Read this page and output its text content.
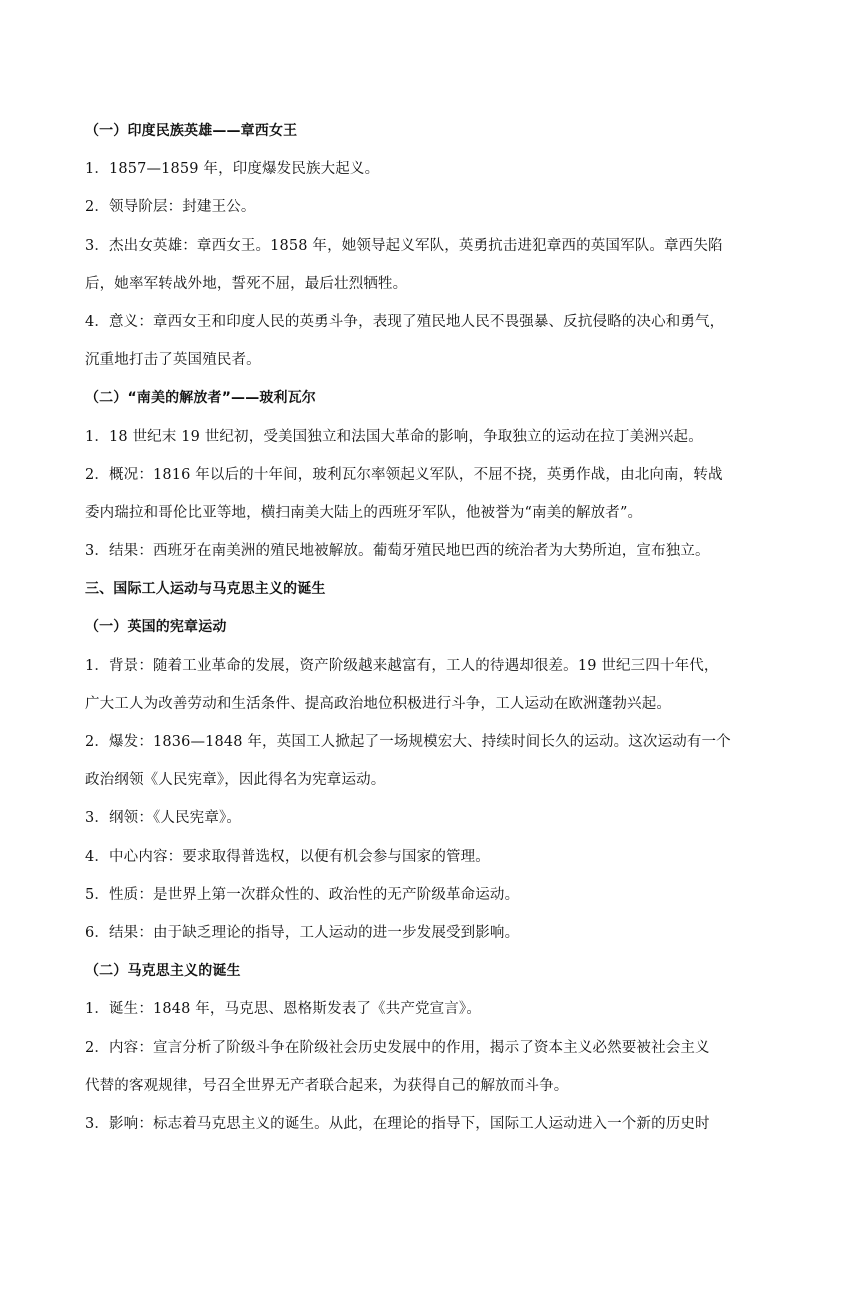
（一）印度民族英雄——章西女王
1．1857—1859 年，印度爆发民族大起义。
2．领导阶层：封建王公。
3．杰出女英雄：章西女王。1858 年，她领导起义军队，英勇抗击进犯章西的英国军队。章西失陷
后，她率军转战外地，誓死不屈，最后壮烈牺牲。
4．意义：章西女王和印度人民的英勇斗争，表现了殖民地人民不畏强暴、反抗侵略的决心和勇气，
沉重地打击了英国殖民者。
（二）“南美的解放者”——玻利瓦尔
1．18 世纪末 19 世纪初，受美国独立和法国大革命的影响，争取独立的运动在拉丁美洲兴起。
2．概况：1816 年以后的十年间，玻利瓦尔率领起义军队，不屈不挠，英勇作战，由北向南，转战
委内瑞拉和哥伦比亚等地，横扫南美大陆上的西班牙军队，他被誉为“南美的解放者”。
3．结果：西班牙在南美洲的殖民地被解放。葡萄牙殖民地巴西的统治者为大势所迫，宣布独立。
三、国际工人运动与马克思主义的诞生
（一）英国的宪章运动
1．背景：随着工业革命的发展，资产阶级越来越富有，工人的待遇却很差。19 世纪三四十年代，
广大工人为改善劳动和生活条件、提高政治地位积极进行斗争，工人运动在欧洲蓬勃兴起。
2．爆发：1836—1848 年，英国工人掀起了一场规模宏大、持续时间长久的运动。这次运动有一个
政治纲领《人民宪章》，因此得名为宪章运动。
3．纲领：《人民宪章》。
4．中心内容：要求取得普选权，以便有机会参与国家的管理。
5．性质：是世界上第一次群众性的、政治性的无产阶级革命运动。
6．结果：由于缺乏理论的指导，工人运动的进一步发展受到影响。
（二）马克思主义的诞生
1．诞生：1848 年，马克思、恩格斯发表了《共产党宣言》。
2．内容：宣言分析了阶级斗争在阶级社会历史发展中的作用，揭示了资本主义必然要被社会主义
代替的客观规律，号召全世界无产者联合起来，为获得自己的解放而斗争。
3．影响：标志着马克思主义的诞生。从此，在理论的指导下，国际工人运动进入一个新的历史时
